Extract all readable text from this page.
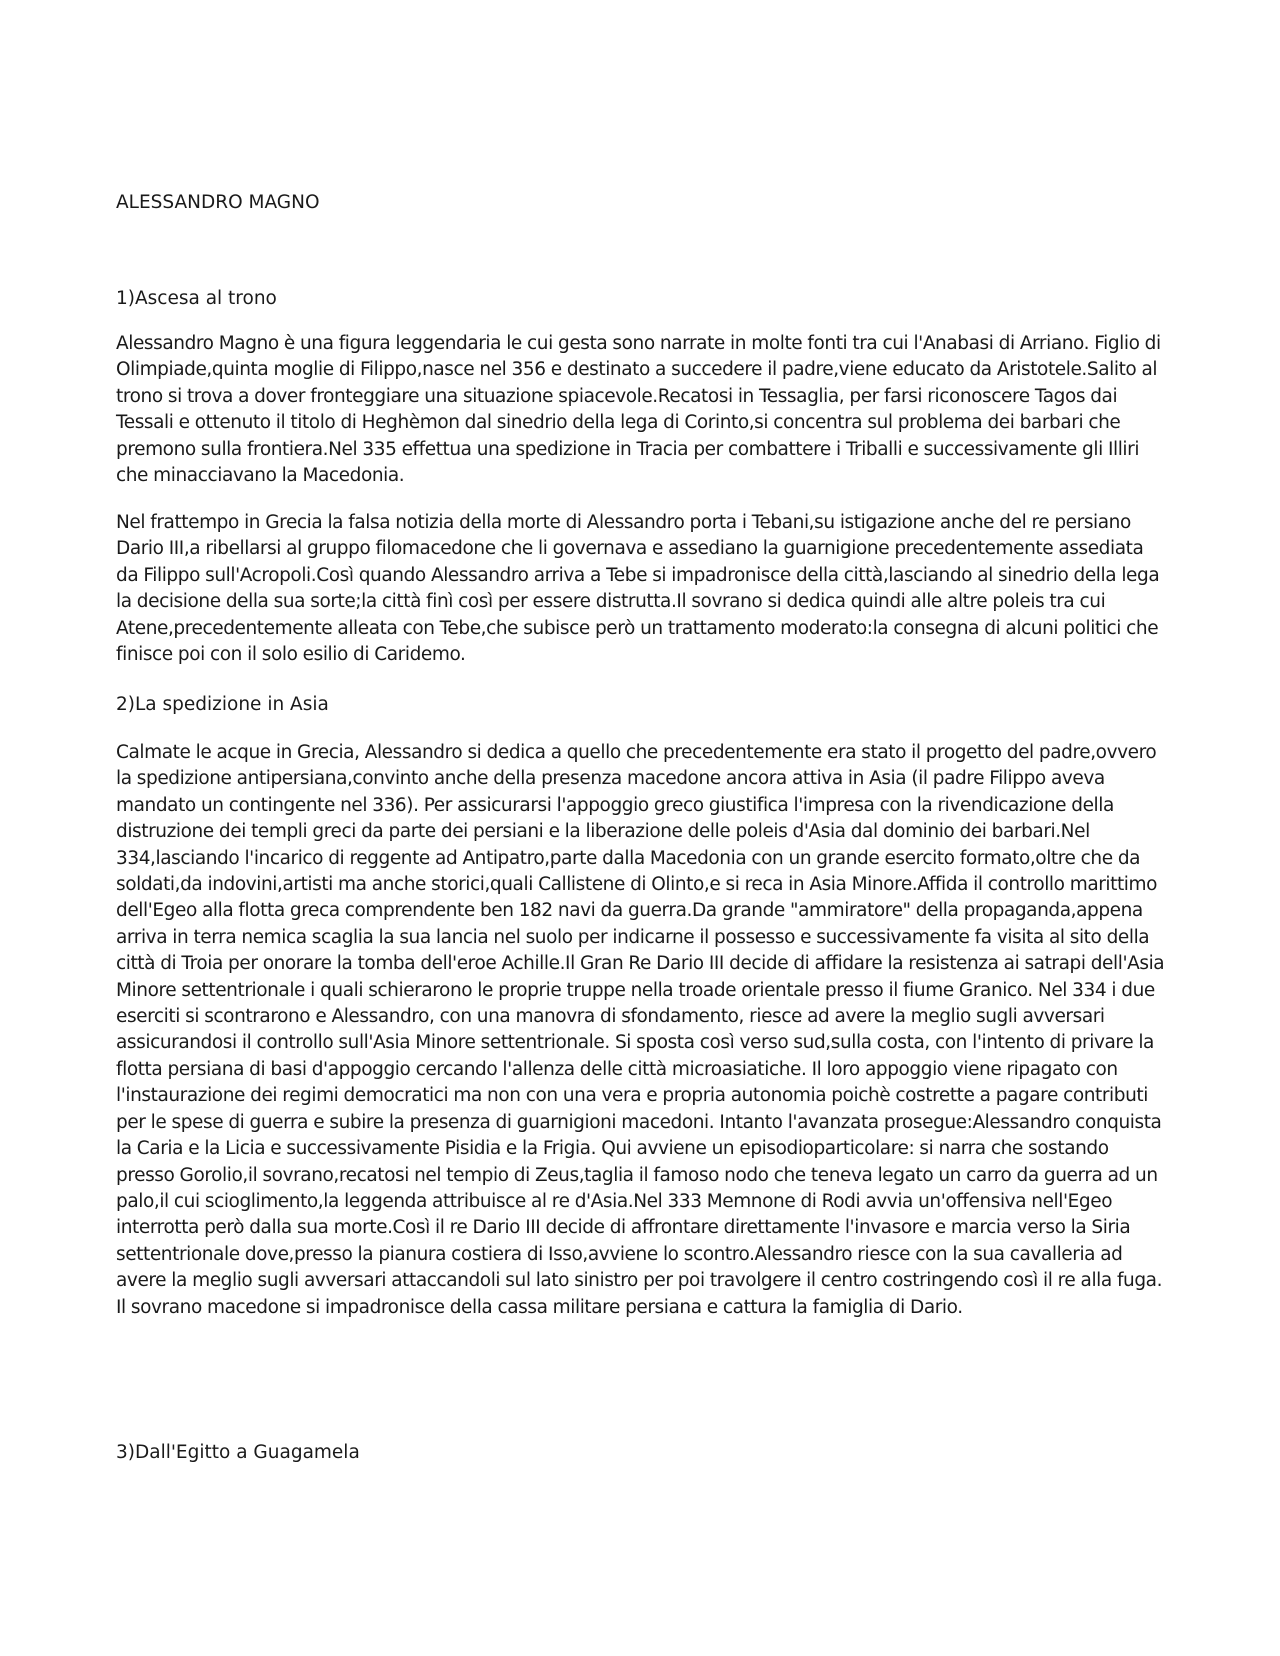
ALESSANDRO MAGNO

1)Ascesa al trono

Alessandro Magno è una figura leggendaria le cui gesta sono narrate in molte fonti tra cui l'Anabasi di Arriano. Figlio di Olimpiade,quinta moglie di Filippo,nasce nel 356 e destinato a succedere il padre,viene educato da Aristotele.Salito al trono si trova a dover fronteggiare una situazione spiacevole.Recatosi in Tessaglia, per farsi riconoscere Tagos dai Tessali e ottenuto il titolo di Heghèmon dal sinedrio della lega di Corinto,si concentra sul problema dei barbari che premono sulla frontiera.Nel 335 effettua una spedizione in Tracia per combattere i Triballi e successivamente gli Illiri che minacciavano la Macedonia.

Nel frattempo in Grecia la falsa notizia della morte di Alessandro porta i Tebani,su istigazione anche del re persiano Dario III,a ribellarsi al gruppo filomacedone che li governava e assediano la guarnigione precedentemente assediata da Filippo sull'Acropoli.Così quando Alessandro arriva a Tebe si impadronisce della città,lasciando al sinedrio della lega la decisione della sua sorte;la città finì così per essere distrutta.Il sovrano si dedica quindi alle altre poleis tra cui Atene,precedentemente alleata con Tebe,che subisce però un trattamento moderato:la consegna di alcuni politici che finisce poi con il solo esilio di Caridemo.

2)La spedizione in Asia

Calmate le acque in Grecia, Alessandro si dedica a quello che precedentemente era stato il progetto del padre,ovvero la spedizione antipersiana,convinto anche della presenza macedone ancora attiva in Asia (il padre Filippo aveva mandato un contingente nel 336). Per assicurarsi l'appoggio greco giustifica l'impresa con la rivendicazione della distruzione dei templi greci da parte dei persiani e la liberazione delle poleis d'Asia dal dominio dei barbari.Nel 334,lasciando l'incarico di reggente ad Antipatro,parte dalla Macedonia con un grande esercito formato,oltre che da soldati,da indovini,artisti ma anche storici,quali Callistene di Olinto,e si reca in Asia Minore.Affida il controllo marittimo dell'Egeo alla flotta greca comprendente ben 182 navi da guerra.Da grande "ammiratore" della propaganda,appena arriva in terra nemica scaglia la sua lancia nel suolo per indicarne il possesso e successivamente fa visita al sito della città di Troia per onorare la tomba dell'eroe Achille.Il Gran Re Dario III decide di affidare la resistenza ai satrapi dell'Asia Minore settentrionale i quali schierarono le proprie truppe nella troade orientale presso il fiume Granico. Nel 334 i due eserciti si scontrarono e Alessandro, con una manovra di sfondamento, riesce ad avere la meglio sugli avversari assicurandosi il controllo sull'Asia Minore settentrionale. Si sposta così verso sud,sulla costa, con l'intento di privare la flotta persiana di basi d'appoggio cercando l'allenza delle città microasiatiche. Il loro appoggio viene ripagato con l'instaurazione dei regimi democratici ma non con una vera e propria autonomia poichè costrette a pagare contributi per le spese di guerra e subire la presenza di guarnigioni macedoni. Intanto l'avanzata prosegue:Alessandro conquista la Caria e la Licia e successivamente Pisidia e la Frigia. Qui avviene un episodioparticolare: si narra che sostando presso Gorolio,il sovrano,recatosi nel tempio di Zeus,taglia il famoso nodo che teneva legato un carro da guerra ad un palo,il cui scioglimento,la leggenda attribuisce al re d'Asia.Nel 333 Memnone di Rodi avvia un'offensiva nell'Egeo interrotta però dalla sua morte.Così il re Dario III decide di affrontare direttamente l'invasore e marcia verso la Siria settentrionale dove,presso la pianura costiera di Isso,avviene lo scontro.Alessandro riesce con la sua cavalleria ad avere la meglio sugli avversari attaccandoli sul lato sinistro per poi travolgere il centro costringendo così il re alla fuga. Il sovrano macedone si impadronisce della cassa militare persiana e cattura la famiglia di Dario.

3)Dall'Egitto a Guagamela
